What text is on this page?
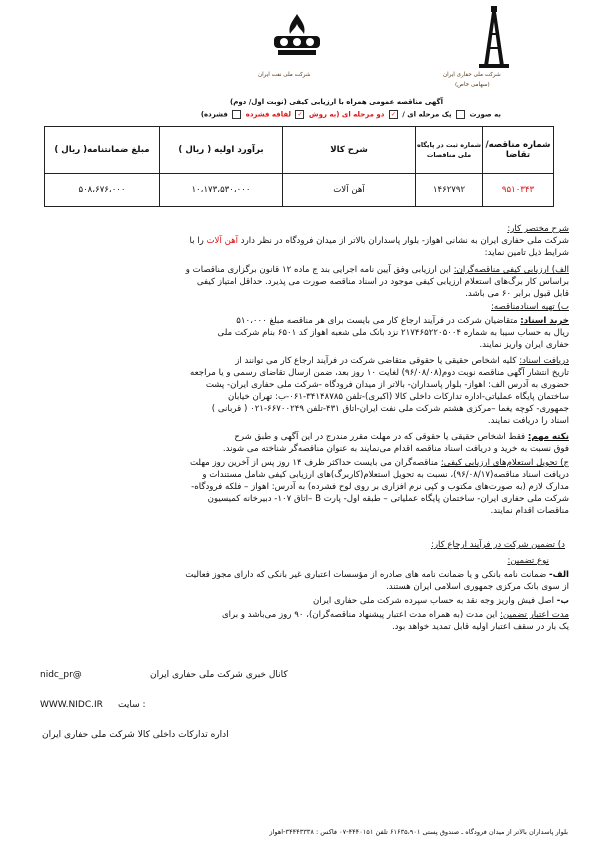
شرکت ملی نفت ایران	شرکت ملی حفاری ایران
(سهامی خاص)
آگهی مناقصه عمومی همراه با ارزیابی کیفی (نوبت اول/ دوم)
به صورت  یک مرحله ای / ✓ دو مرحله ای (به روش ✓ لفافه فشرده  فشرده)
شماره مناقصه/ تقاضا	شماره ثبت در پایگاه ملی مناقصات	شرح کالا	برآورد اولیه ( ریال )	مبلغ ضمانتنامه( ریال )
۹۵۱۰۳۴۳	۱۴۶۲۷۹۲	آهن آلات	۱۰،۱۷۳،۵۳۰،۰۰۰	۵۰۸،۶۷۶،۰۰۰
شرح مختصر کار:
شرکت ملی حفاری ایران به نشانی اهواز- بلوار پاسداران بالاتر از میدان فرودگاه در نظر دارد آهن آلات را با
شرایط ذیل تامین نماید:
الف) ارزیابی کیفی مناقصه‌گران: این ارزیابی وفق آیین نامه اجرایی بند ج ماده ۱۲ قانون برگزاری مناقصات و
براساس کار برگ‌های استعلام ارزیابی کیفی موجود در اسناد مناقصه صورت می پذیرد. حداقل امتیاز کیفی
قابل قبول برابر ۶۰ می باشد.
ب) تهیه اسنادمناقصه:
خرید اسناد: متقاضیان شرکت در فرآیند ارجاع کار می بایست برای هر مناقصه مبلغ ۵۱۰،۰۰۰
ریال به حساب سیبا به شماره ۲۱۷۴۶۵۲۲۰۵۰۰۴ نزد بانک ملی شعبه اهواز کد ۶۵۰۱ بنام شرکت ملی
حفاری ایران واریز نمایند.
دریافت اسناد: کلیه اشخاص حقیقی یا حقوقی متقاضی شرکت در فرآیند ارجاع کار می توانند از
تاریخ انتشار آگهی مناقصه نوبت دوم(۹۶/۰۸/۰۸) لغایت ۱۰ روز بعد، ضمن ارسال تقاضای رسمی و یا مراجعه
حضوری به آدرس الف: اهواز- بلوار پاسداران- بالاتر از میدان فرودگاه -شرکت ملی حفاری ایران- پشت
ساختمان پایگاه عملیاتی-اداره تدارکات داخلی کالا (اکبری)-تلفن ۳۴۱۴۸۷۸۵-۰۶۱-ب: تهران خیابان
جمهوری- کوچه یغما –مرکزی هشتم شرکت ملی نفت ایران-اتاق ۴۳۱-تلفن ۶۶۷۰۰۲۴۹-۰۲۱ ( قربانی )
اسناد را دریافت نمایند.
نکته مهم: فقط اشخاص حقیقی یا حقوقی که در مهلت مقرر مندرج در این آگهی و طبق شرح
فوق نسبت به خرید و دریافت اسناد مناقصه اقدام می‌نمایند به عنوان مناقصه‌گر شناخته می شوند.
ج) تحویل استعلام‌های ارزیابی کیفی: مناقصه‌گران می بایست حداکثر ظرف ۱۴ روز پس از آخرین روز مهلت
دریافت اسناد مناقصه(۹۶/۰۸/۱۷)، نسبت به تحویل استعلام(کاربرگ)های ارزیابی کیفی شامل مستندات و
مدارک لازم (به صورت‌های مکتوب و کپی نرم افزاری بر روی لوح فشرده) به آدرس: اهواز – فلکه فرودگاه-
شرکت ملی حفاری ایران- ساختمان پایگاه عملیاتی – طبقه اول- پارت B –اتاق ۱۰۷- دبیرخانه کمیسیون
مناقصات اقدام نمایند.
د) تضمین شرکت در فرآیند ارجاع کار:
نوع تضمین:
الف- ضمانت نامه بانکی و یا ضمانت نامه های صادره از مؤسسات اعتباری غیر بانکی که دارای مجوز فعالیت
از سوی بانک مرکزی جمهوری اسلامی ایران هستند.
ب- اصل فیش واریز وجه نقد به حساب سپرده شرکت ملی حفاری ایران
مدت اعتبار تضمین: این مدت (به همراه مدت اعتبار پیشنهاد مناقصه‌گران)، ۹۰ روز می‌باشد و برای
یک بار در سقف اعتبار اولیه قابل تمدید خواهد بود.
@nidc_pr	کانال خبری شرکت ملی حفاری ایران
WWW.NIDC.IR : سایت
اداره تدارکات داخلی کالا شرکت ملی حفاری ایران
بلوار پاسداران بالاتر از میدان فرودگاه ـ صندوق پستی ۶۱۶۳۵،۹۰۱ تلفن ۴۴۴۰۱۵۱-۰۷ فاکس : ۳۴۴۴۳۳۳۸-اهواز
